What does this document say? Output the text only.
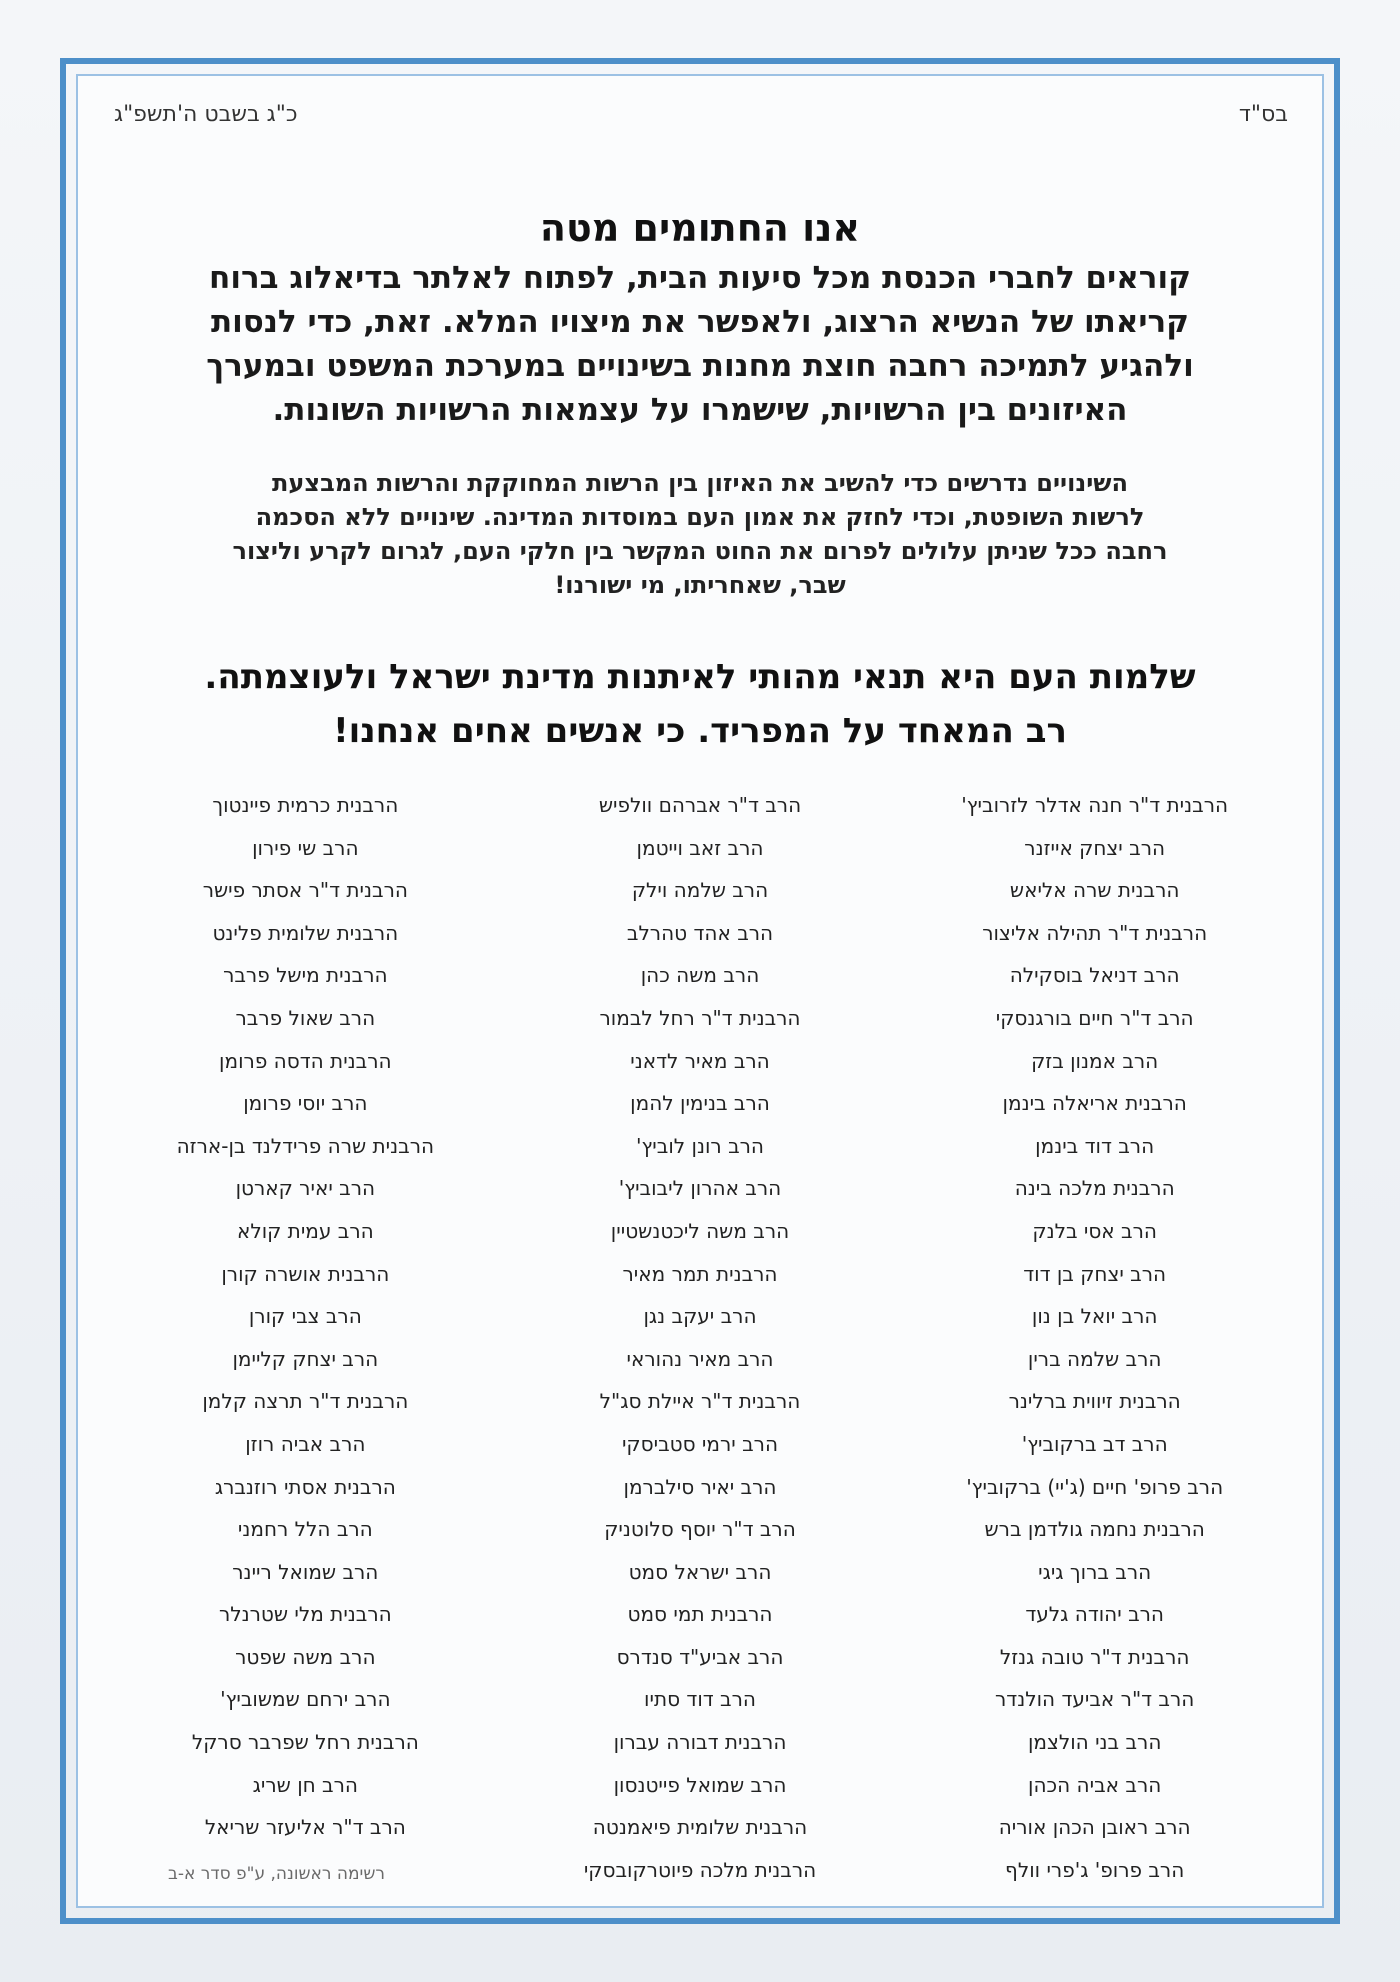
בס"ד
כ"ג בשבט ה'תשפ"ג
אנו החתומים מטה
קוראים לחברי הכנסת מכל סיעות הבית, לפתוח לאלתר בדיאלוג ברוח
קריאתו של הנשיא הרצוג, ולאפשר את מיצויו המלא. זאת, כדי לנסות
ולהגיע לתמיכה רחבה חוצת מחנות בשינויים במערכת המשפט ובמערך
האיזונים בין הרשויות, שישמרו על עצמאות הרשויות השונות.
השינויים נדרשים כדי להשיב את האיזון בין הרשות המחוקקת והרשות המבצעת
לרשות השופטת, וכדי לחזק את אמון העם במוסדות המדינה. שינויים ללא הסכמה
רחבה ככל שניתן עלולים לפרום את החוט המקשר בין חלקי העם, לגרום לקרע וליצור
שבר, שאחריתו, מי ישורנו!
שלמות העם היא תנאי מהותי לאיתנות מדינת ישראל ולעוצמתה.
רב המאחד על המפריד. כי אנשים אחים אנחנו!
הרבנית ד"ר חנה אדלר לזרוביץ'
הרב יצחק אייזנר
הרבנית שרה אליאש
הרבנית ד"ר תהילה אליצור
הרב דניאל בוסקילה
הרב ד"ר חיים בורגנסקי
הרב אמנון בזק
הרבנית אריאלה בינמן
הרב דוד בינמן
הרבנית מלכה בינה
הרב אסי בלנק
הרב יצחק בן דוד
הרב יואל בן נון
הרב שלמה ברין
הרבנית זיווית ברלינר
הרב דב ברקוביץ'
הרב פרופ' חיים (ג'יי) ברקוביץ'
הרבנית נחמה גולדמן ברש
הרב ברוך גיגי
הרב יהודה גלעד
הרבנית ד"ר טובה גנזל
הרב ד"ר אביעד הולנדר
הרב בני הולצמן
הרב אביה הכהן
הרב ראובן הכהן אוריה
הרב פרופ' ג'פרי וולף
הרב ד"ר אברהם וולפיש
הרב זאב וייטמן
הרב שלמה וילק
הרב אהד טהרלב
הרב משה כהן
הרבנית ד"ר רחל לבמור
הרב מאיר לדאני
הרב בנימין להמן
הרב רונן לוביץ'
הרב אהרון ליבוביץ'
הרב משה ליכטנשטיין
הרבנית תמר מאיר
הרב יעקב נגן
הרב מאיר נהוראי
הרבנית ד"ר איילת סג"ל
הרב ירמי סטביסקי
הרב יאיר סילברמן
הרב ד"ר יוסף סלוטניק
הרב ישראל סמט
הרבנית תמי סמט
הרב אביע"ד סנדרס
הרב דוד סתיו
הרבנית דבורה עברון
הרב שמואל פייטנסון
הרבנית שלומית פיאמנטה
הרבנית מלכה פיוטרקובסקי
הרבנית כרמית פיינטוך
הרב שי פירון
הרבנית ד"ר אסתר פישר
הרבנית שלומית פלינט
הרבנית מישל פרבר
הרב שאול פרבר
הרבנית הדסה פרומן
הרב יוסי פרומן
הרבנית שרה פרידלנד בן-ארזה
הרב יאיר קארטן
הרב עמית קולא
הרבנית אושרה קורן
הרב צבי קורן
הרב יצחק קליימן
הרבנית ד"ר תרצה קלמן
הרב אביה רוזן
הרבנית אסתי רוזנברג
הרב הלל רחמני
הרב שמואל ריינר
הרבנית מלי שטרנלר
הרב משה שפטר
הרב ירחם שמשוביץ'
הרבנית רחל שפרבר סרקל
הרב חן שריג
הרב ד"ר אליעזר שריאל
רשימה ראשונה, ע"פ סדר א-ב
